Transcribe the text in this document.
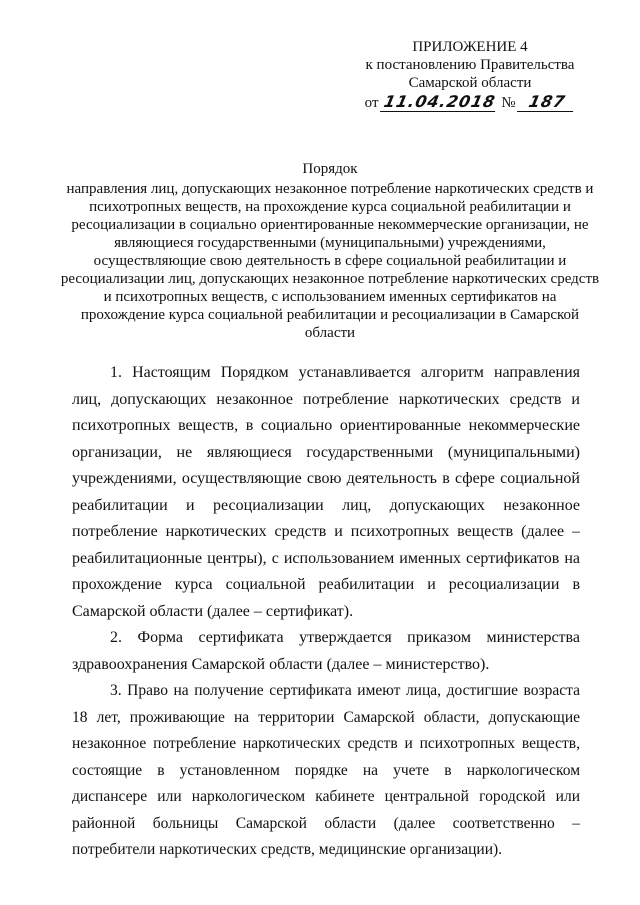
ПРИЛОЖЕНИЕ 4
к постановлению Правительства
Самарской области
от 11.04.2018 № 187
Порядок
направления лиц, допускающих незаконное потребление наркотических средств и психотропных веществ, на прохождение курса социальной реабилитации и ресоциализации в социально ориентированные некоммерческие организации, не являющиеся государственными (муниципальными) учреждениями, осуществляющие свою деятельность в сфере социальной реабилитации и ресоциализации лиц, допускающих незаконное потребление наркотических средств и психотропных веществ, с использованием именных сертификатов на прохождение курса социальной реабилитации и ресоциализации в Самарской области

1. Настоящим Порядком устанавливается алгоритм направления лиц, допускающих незаконное потребление наркотических средств и психотропных веществ, в социально ориентированные некоммерческие организации, не являющиеся государственными (муниципальными) учреждениями, осуществляющие свою деятельность в сфере социальной реабилитации и ресоциализации лиц, допускающих незаконное потребление наркотических средств и психотропных веществ (далее – реабилитационные центры), с использованием именных сертификатов на прохождение курса социальной реабилитации и ресоциализации в Самарской области (далее – сертификат).

2. Форма сертификата утверждается приказом министерства здравоохранения Самарской области (далее – министерство).

3. Право на получение сертификата имеют лица, достигшие возраста 18 лет, проживающие на территории Самарской области, допускающие незаконное потребление наркотических средств и психотропных веществ, состоящие в установленном порядке на учете в наркологическом диспансере или наркологическом кабинете центральной городской или районной больницы Самарской области (далее соответственно – потребители наркотических средств, медицинские организации).
